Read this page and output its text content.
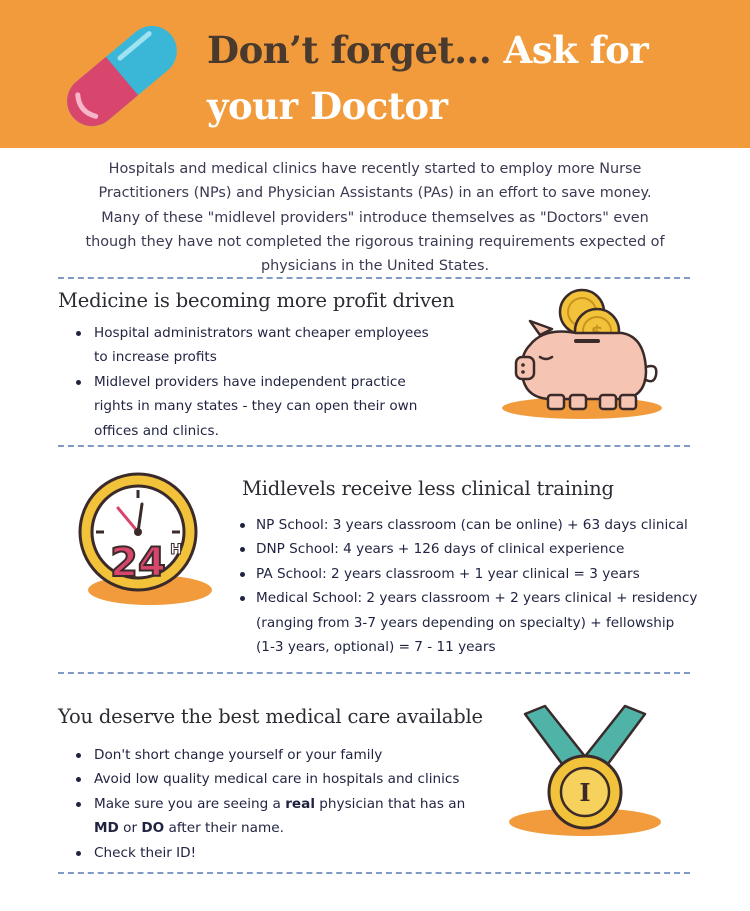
Don’t forget... Ask for
your Doctor
Hospitals and medical clinics have recently started to employ more Nurse
Practitioners (NPs) and Physician Assistants (PAs) in an effort to save money.
Many of these "midlevel providers" introduce themselves as "Doctors" even
though they have not completed the rigorous training requirements expected of
physicians in the United States.
Medicine is becoming more profit driven
Hospital administrators want cheaper employees
to increase profits
Midlevel providers have independent practice
rights in many states - they can open their own
offices and clinics.
24 H
Midlevels receive less clinical training
NP School: 3 years classroom (can be online) + 63 days clinical
DNP School: 4 years + 126 days of clinical experience
PA School: 2 years classroom + 1 year clinical = 3 years
Medical School: 2 years classroom + 2 years clinical + residency
(ranging from 3-7 years depending on specialty) + fellowship
(1-3 years, optional) = 7 - 11 years
You deserve the best medical care available
Don't short change yourself or your family
Avoid low quality medical care in hospitals and clinics
Make sure you are seeing a real physician that has an
MD or DO after their name.
Check their ID!
I
